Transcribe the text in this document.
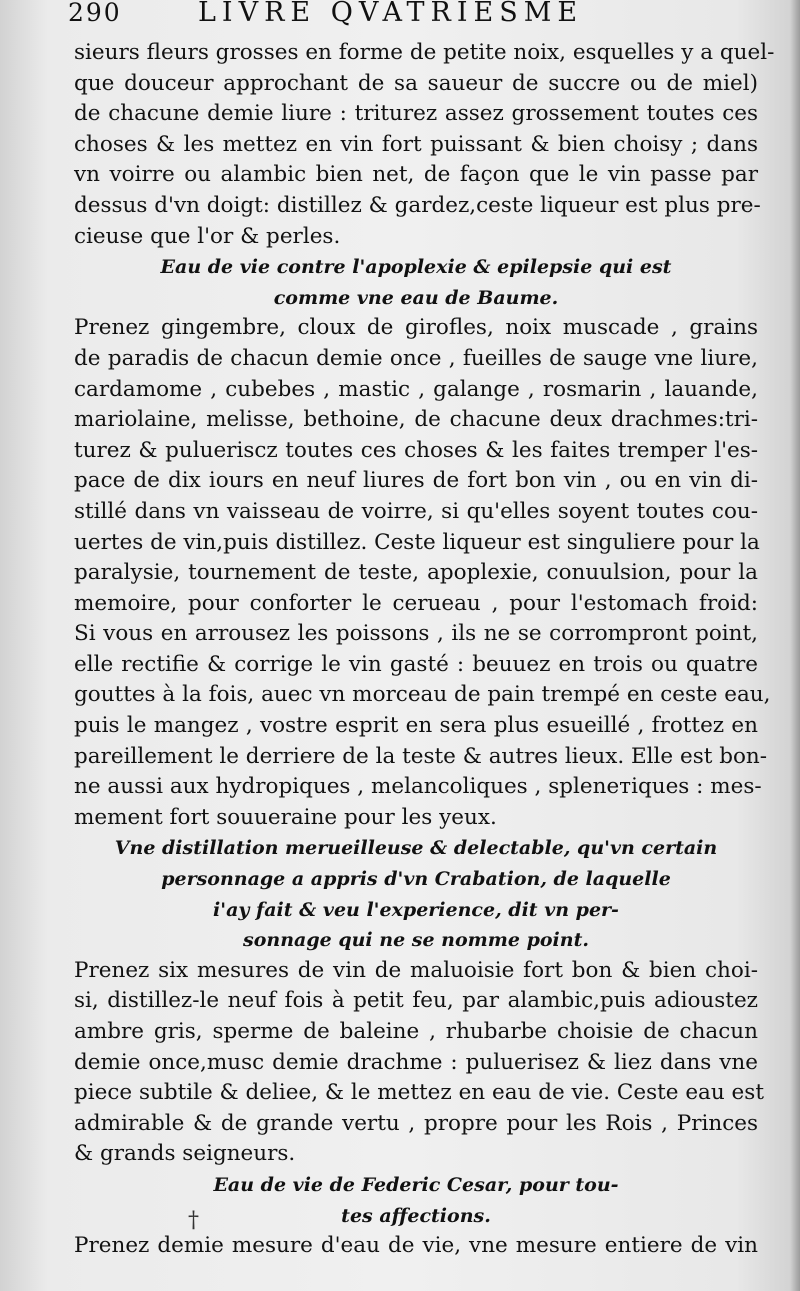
290	LIVRE QVATRIESME
sieurs fleurs grosses en forme de petite noix, esquelles y a quel-
que douceur approchant de sa saueur de succre ou de miel)
de chacune demie liure : triturez assez grossement toutes ces
choses & les mettez en vin fort puissant & bien choisy ; dans
vn voirre ou alambic bien net, de façon que le vin passe par
dessus d'vn doigt: distillez & gardez,ceste liqueur est plus pre-
cieuse que l'or & perles.
Eau de vie contre l'apoplexie & epilepsie qui est
comme vne eau de Baume.
Prenez gingembre, cloux de girofles, noix muscade , grains
de paradis de chacun demie once , fueilles de sauge vne liure,
cardamome , cubebes , mastic , galange , rosmarin , lauande,
mariolaine, melisse, bethoine, de chacune deux drachmes:tri-
turez & pulueriscz toutes ces choses & les faites tremper l'es-
pace de dix iours en neuf liures de fort bon vin , ou en vin di-
stillé dans vn vaisseau de voirre, si qu'elles soyent toutes cou-
uertes de vin,puis distillez. Ceste liqueur est singuliere pour la
paralysie, tournement de teste, apoplexie, conuulsion, pour la
memoire, pour conforter le cerueau , pour l'estomach froid:
Si vous en arrousez les poissons , ils ne se corrompront point,
elle rectifie & corrige le vin gasté : beuuez en trois ou quatre
gouttes à la fois, auec vn morceau de pain trempé en ceste eau,
puis le mangez , vostre esprit en sera plus esueillé , frottez en
pareillement le derriere de la teste & autres lieux. Elle est bon-
ne aussi aux hydropiques , melancoliques , spleneтiques : mes-
mement fort souueraine pour les yeux.
Vne distillation merueilleuse & delectable, qu'vn certain
personnage a appris d'vn Crabation, de laquelle
i'ay fait & veu l'experience, dit vn per-
sonnage qui ne se nomme point.
Prenez six mesures de vin de maluoisie fort bon & bien choi-
si, distillez-le neuf fois à petit feu, par alambic,puis adioustez
ambre gris, sperme de baleine , rhubarbe choisie de chacun
demie once,musc demie drachme : puluerisez & liez dans vne
piece subtile & deliee, & le mettez en eau de vie. Ceste eau est
admirable & de grande vertu , propre pour les Rois , Princes
& grands seigneurs.
Eau de vie de Federic Cesar, pour tou-
tes affections.
Prenez demie mesure d'eau de vie, vne mesure entiere de vin
†
